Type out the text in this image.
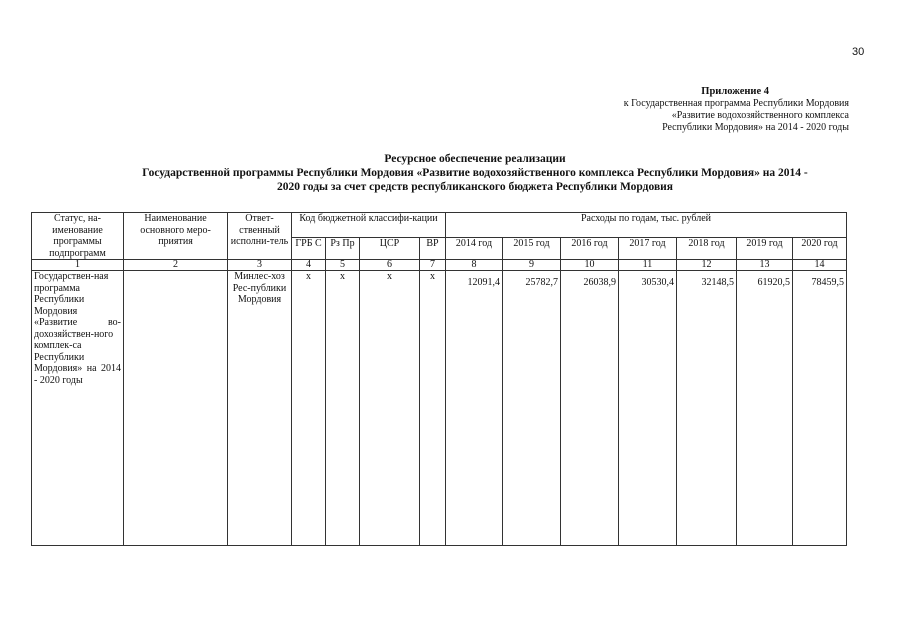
30
Приложение 4
к Государственная программа Республики Мордовия
«Развитие водохозяйственного комплекса
Республики Мордовия» на 2014 - 2020 годы
Ресурсное обеспечение реализации
Государственной программы Республики Мордовия «Развитие водохозяйственного комплекса Республики Мордовия» на 2014 -
2020 годы за счет средств республиканского бюджета Республики Мордовия
Статус, на-именование программы подпрограмм	Наименование основного меро-приятия	Ответ-ственный исполни-тель	Код бюджетной классифи-кации				Расходы по годам, тыс. рублей						

			ГРБ С	Рз Пр	ЦСР	ВР	2014 год	2015 год	2016 год	2017 год	2018 год	2019 год	2020 год
1	2	3	4	5	6	7	8	9	10	11	12	13	14
Государствен-ная программа Республики Мордовия «Развитие во-дохозяйствен-ного комплек-са Республики Мордовия» на 2014 - 2020 годы		Минлес-хоз Рес-публики Мордовия	х	х	х	х	12091,4	25782,7	26038,9	30530,4	32148,5	61920,5	78459,5
